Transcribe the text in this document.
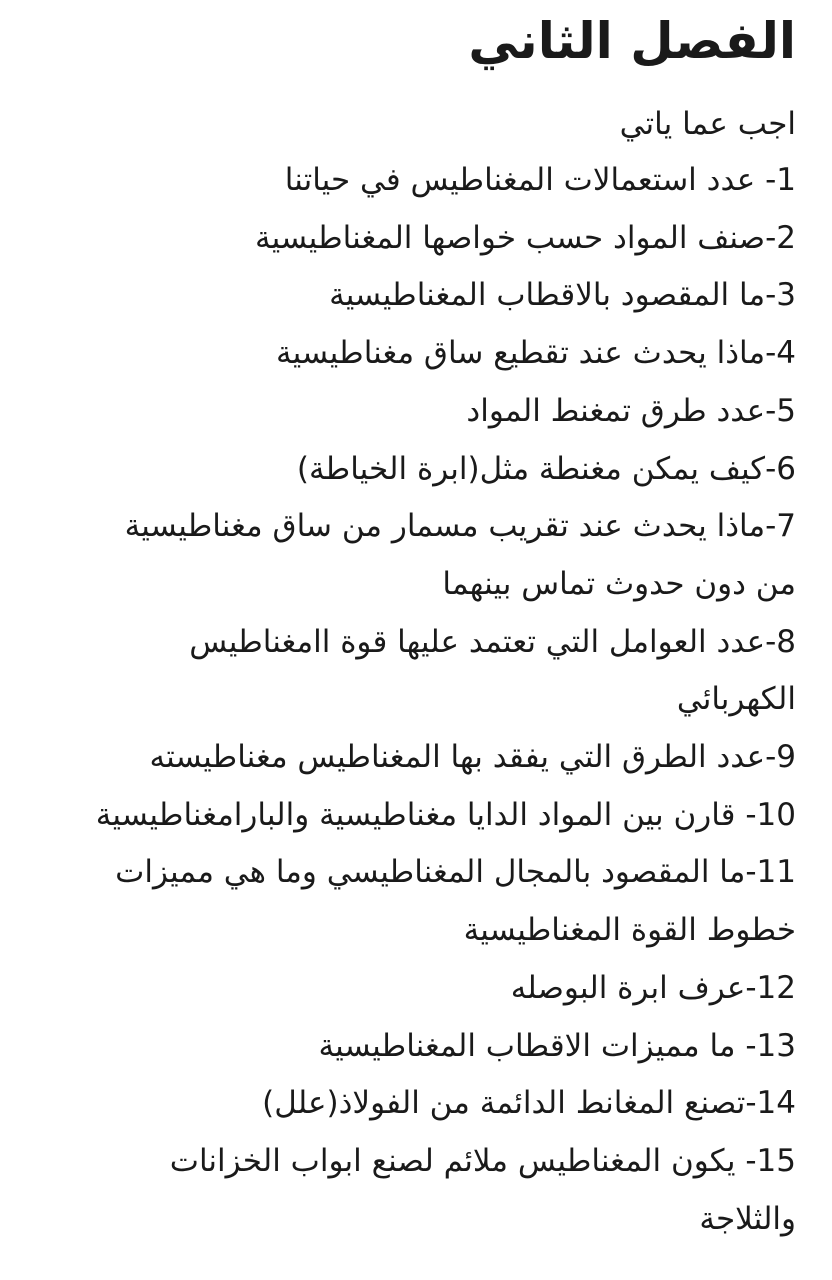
الفصل الثاني

اجب عما ياتي

1- عدد استعمالات المغناطيس في حياتنا
2-صنف المواد حسب خواصها المغناطيسية
3-ما المقصود بالاقطاب المغناطيسية
4-ماذا يحدث عند تقطيع ساق مغناطيسية
5-عدد طرق تمغنط المواد
6-كيف يمكن مغنطة مثل(ابرة الخياطة)
7-ماذا يحدث عند تقريب مسمار من ساق مغناطيسية
من دون حدوث تماس بينهما
8-عدد العوامل التي تعتمد عليها قوة اامغناطيس
الكهربائي
9-عدد الطرق التي يفقد بها المغناطيس مغناطيسته
10- قارن بين المواد الدايا مغناطيسية والبارامغناطيسية
11-ما المقصود بالمجال المغناطيسي وما هي مميزات
خطوط القوة المغناطيسية
12-عرف ابرة البوصله
13- ما مميزات الاقطاب المغناطيسية
14-تصنع المغانط الدائمة من الفولاذ(علل)
15- يكون المغناطيس ملائم لصنع ابواب الخزانات
والثلاجة
